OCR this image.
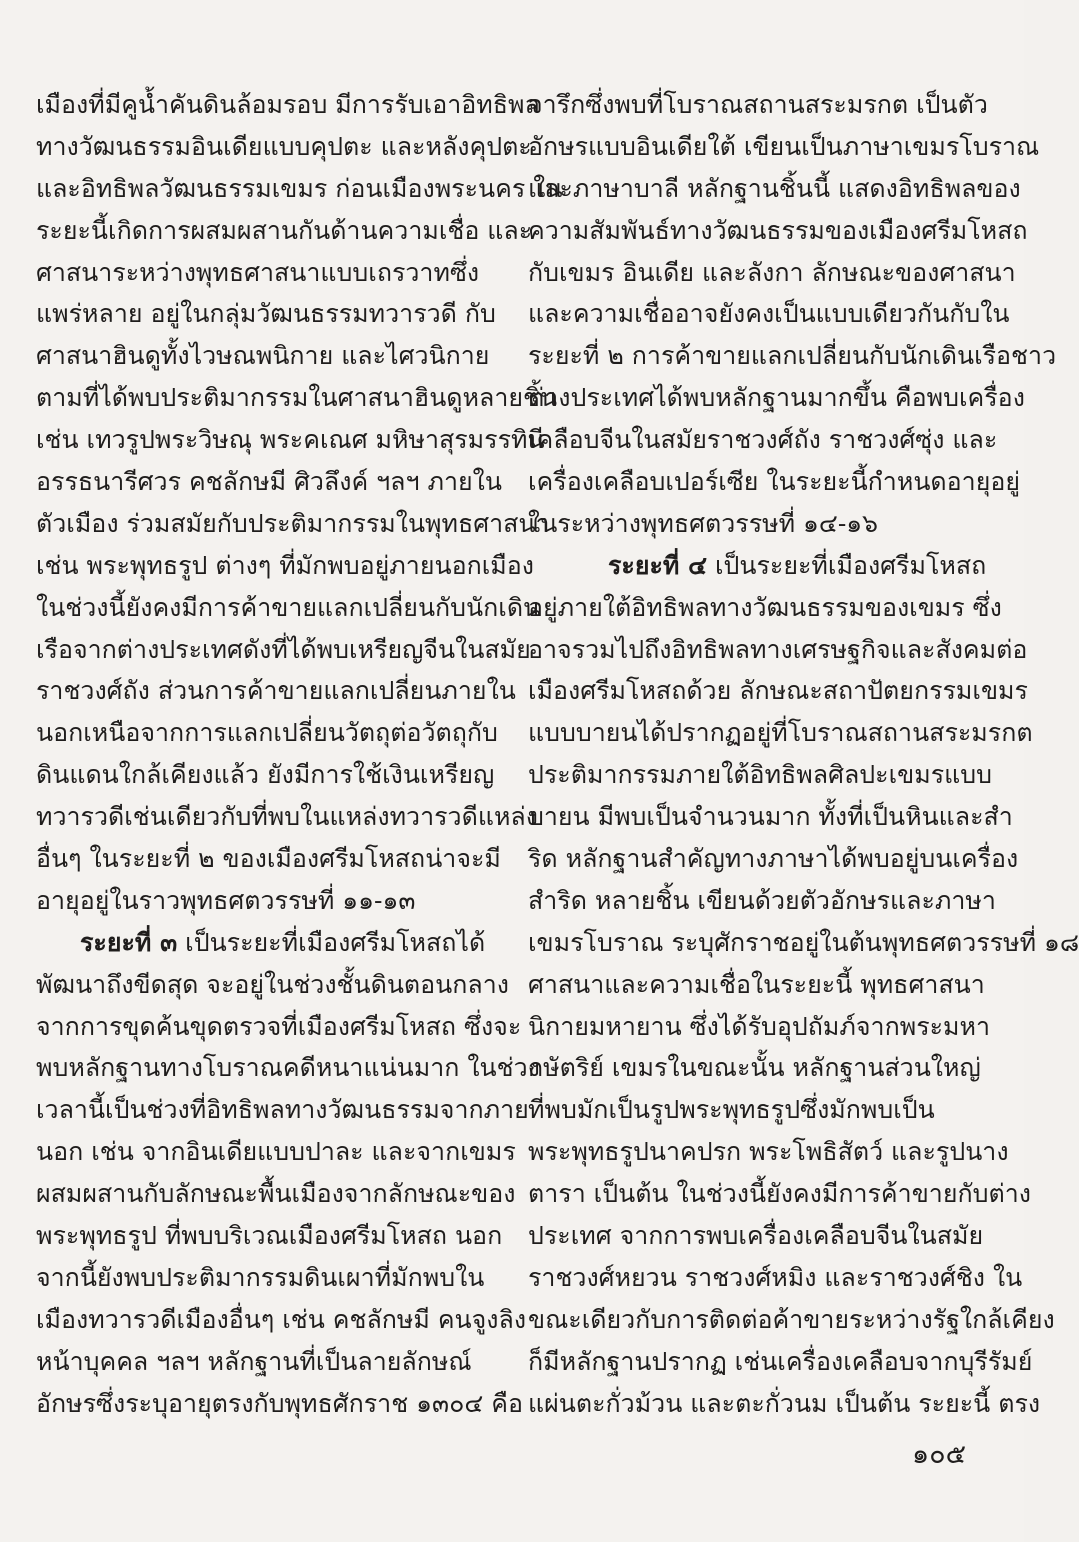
เมืองที่มีคูน้ำคันดินล้อมรอบ มีการรับเอาอิทธิพล
ทางวัฒนธรรมอินเดียแบบคุปตะ และหลังคุปตะ
และอิทธิพลวัฒนธรรมเขมร ก่อนเมืองพระนคร ใน
ระยะนี้เกิดการผสมผสานกันด้านความเชื่อ และ
ศาสนาระหว่างพุทธศาสนาแบบเถรวาทซึ่ง
แพร่หลาย อยู่ในกลุ่มวัฒนธรรมทวารวดี กับ
ศาสนาฮินดูทั้งไวษณพนิกาย และไศวนิกาย
ตามที่ได้พบประติมากรรมในศาสนาฮินดูหลายชิ้น
เช่น เทวรูปพระวิษณุ พระคเณศ มหิษาสุรมรรทินี
อรรธนารีศวร คชลักษมี ศิวลึงค์ ฯลฯ ภายใน
ตัวเมือง ร่วมสมัยกับประติมากรรมในพุทธศาสนา
เช่น พระพุทธรูป ต่างๆ ที่มักพบอยู่ภายนอกเมือง
ในช่วงนี้ยังคงมีการค้าขายแลกเปลี่ยนกับนักเดิน
เรือจากต่างประเทศดังที่ได้พบเหรียญจีนในสมัย
ราชวงศ์ถัง ส่วนการค้าขายแลกเปลี่ยนภายใน
นอกเหนือจากการแลกเปลี่ยนวัตถุต่อวัตถุกับ
ดินแดนใกล้เคียงแล้ว ยังมีการใช้เงินเหรียญ
ทวารวดีเช่นเดียวกับที่พบในแหล่งทวารวดีแหล่ง
อื่นๆ ในระยะที่ ๒ ของเมืองศรีมโหสถน่าจะมี
อายุอยู่ในราวพุทธศตวรรษที่ ๑๑-๑๓
ระยะที่ ๓ เป็นระยะที่เมืองศรีมโหสถได้
พัฒนาถึงขีดสุด จะอยู่ในช่วงชั้นดินตอนกลาง
จากการขุดค้นขุดตรวจที่เมืองศรีมโหสถ ซึ่งจะ
พบหลักฐานทางโบราณคดีหนาแน่นมาก ในช่วง
เวลานี้เป็นช่วงที่อิทธิพลทางวัฒนธรรมจากภาย
นอก เช่น จากอินเดียแบบปาละ และจากเขมร
ผสมผสานกับลักษณะพื้นเมืองจากลักษณะของ
พระพุทธรูป ที่พบบริเวณเมืองศรีมโหสถ นอก
จากนี้ยังพบประติมากรรมดินเผาที่มักพบใน
เมืองทวารวดีเมืองอื่นๆ เช่น คชลักษมี คนจูงลิง
หน้าบุคคล ฯลฯ หลักฐานที่เป็นลายลักษณ์
อักษรซึ่งระบุอายุตรงกับพุทธศักราช ๑๓๐๔ คือ
จารึกซึ่งพบที่โบราณสถานสระมรกต เป็นตัว
อักษรแบบอินเดียใต้ เขียนเป็นภาษาเขมรโบราณ
และภาษาบาลี หลักฐานชิ้นนี้ แสดงอิทธิพลของ
ความสัมพันธ์ทางวัฒนธรรมของเมืองศรีมโหสถ
กับเขมร อินเดีย และลังกา ลักษณะของศาสนา
และความเชื่ออาจยังคงเป็นแบบเดียวกันกับใน
ระยะที่ ๒ การค้าขายแลกเปลี่ยนกับนักเดินเรือชาว
ต่างประเทศได้พบหลักฐานมากขึ้น คือพบเครื่อง
เคลือบจีนในสมัยราชวงศ์ถัง ราชวงศ์ซุ่ง และ
เครื่องเคลือบเปอร์เซีย ในระยะนี้กำหนดอายุอยู่
ในระหว่างพุทธศตวรรษที่ ๑๔-๑๖
ระยะที่ ๔ เป็นระยะที่เมืองศรีมโหสถ
อยู่ภายใต้อิทธิพลทางวัฒนธรรมของเขมร ซึ่ง
อาจรวมไปถึงอิทธิพลทางเศรษฐกิจและสังคมต่อ
เมืองศรีมโหสถด้วย ลักษณะสถาปัตยกรรมเขมร
แบบบายนได้ปรากฏอยู่ที่โบราณสถานสระมรกต
ประติมากรรมภายใต้อิทธิพลศิลปะเขมรแบบ
บายน มีพบเป็นจำนวนมาก ทั้งที่เป็นหินและสำ
ริด หลักฐานสำคัญทางภาษาได้พบอยู่บนเครื่อง
สำริด หลายชิ้น เขียนด้วยตัวอักษรและภาษา
เขมรโบราณ ระบุศักราชอยู่ในต้นพุทธศตวรรษที่ ๑๘
ศาสนาและความเชื่อในระยะนี้ พุทธศาสนา
นิกายมหายาน ซึ่งได้รับอุปถัมภ์จากพระมหา
กษัตริย์ เขมรในขณะนั้น หลักฐานส่วนใหญ่
ที่พบมักเป็นรูปพระพุทธรูปซึ่งมักพบเป็น
พระพุทธรูปนาคปรก พระโพธิสัตว์ และรูปนาง
ตารา เป็นต้น ในช่วงนี้ยังคงมีการค้าขายกับต่าง
ประเทศ จากการพบเครื่องเคลือบจีนในสมัย
ราชวงศ์หยวน ราชวงศ์หมิง และราชวงศ์ชิง ใน
ขณะเดียวกับการติดต่อค้าขายระหว่างรัฐใกล้เคียง
ก็มีหลักฐานปรากฏ เช่นเครื่องเคลือบจากบุรีรัมย์
แผ่นตะกั่วม้วน และตะกั่วนม เป็นต้น ระยะนี้ ตรง
๑๐๕
